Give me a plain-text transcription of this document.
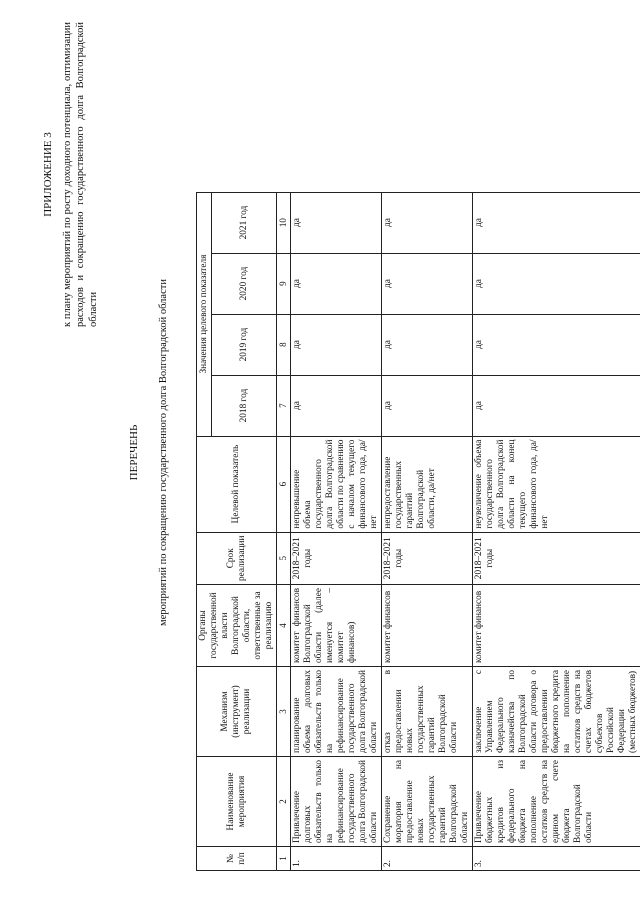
ПРИЛОЖЕНИЕ 3 к плану мероприятий по росту доходного потенциала, оптимизации расходов и сокращению государственного долга Волгоградской области
ПЕРЕЧЕНЬ мероприятий по сокращению государственного долга Волгоградской области
№ п/п	Наименование мероприятия	Механизм (инструмент) реализации	Органы государственной власти Волгоградской области, ответственные за реализацию	Срок реализации	Целевой показатель	Значения целевого показателя			
						2018 год	2019 год	2020 год	2021 год
1	2	3	4	5	6	7	8	9	10
1.	Привлечение долговых обязательств только на рефинансирование государственного долга Волгоградской области	планирование объема долговых обязательств только на рефинансирование государственного долга Волгоградской области	комитет финансов Волгоградской области (далее именуется – комитет финансов)	2018–2021 годы	непревышение объема государственного долга Волгоградской области по сравнению с началом текущего финансового года, да/нет	да	да	да	да
2.	Сохранение моратория на предоставление новых государственных гарантий Волгоградской области	отказ в предоставлении новых государственных гарантий Волгоградской области	комитет финансов	2018–2021 годы	непредоставление государственных гарантий Волгоградской области, да/нет	да	да	да	да
3.	Привлечение бюджетных кредитов из федерального бюджета на пополнение остатков средств на едином счете бюджета Волгоградской области	заключение с Управлением Федерального казначейства по Волгоградской области договора о предоставлении бюджетного кредита на пополнение остатков средств на счетах бюджетов субъектов Российской Федерации (местных бюджетов)	комитет финансов	2018–2021 годы	неувеличение объема государственного долга Волгоградской области на конец текущего финансового года, да/нет	да	да	да	да
